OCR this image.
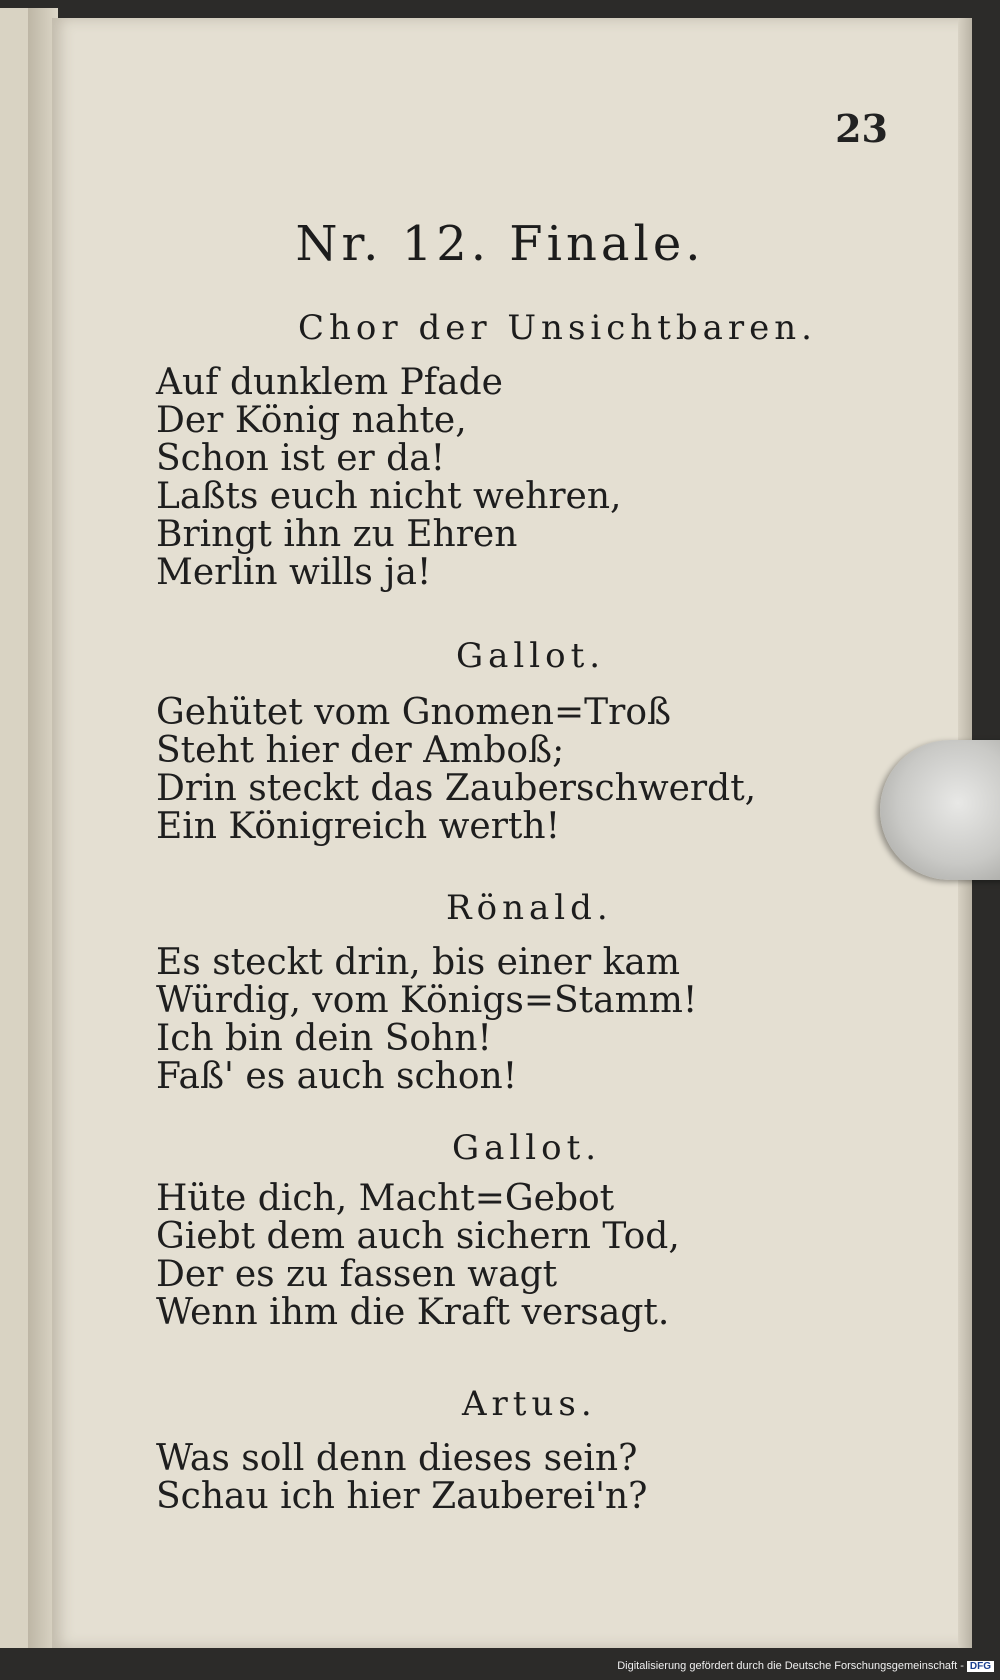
23
Nr. 12. Finale.
Chor der Unsichtbaren.
Auf dunklem Pfade
Der König nahte,
Schon ist er da!
Laßts euch nicht wehren,
Bringt ihn zu Ehren
Merlin wills ja!
Gallot.
Gehütet vom Gnomen=Troß
Steht hier der Amboß;
Drin steckt das Zauberschwerdt,
Ein Königreich werth!
Rönald.
Es steckt drin, bis einer kam
Würdig, vom Königs=Stamm!
Ich bin dein Sohn!
Faß' es auch schon!
Gallot.
Hüte dich, Macht=Gebot
Giebt dem auch sichern Tod,
Der es zu fassen wagt
Wenn ihm die Kraft versagt.
Artus.
Was soll denn dieses sein?
Schau ich hier Zauberei'n?
Digitalisierung gefördert durch die Deutsche Forschungsgemeinschaft - DFG
